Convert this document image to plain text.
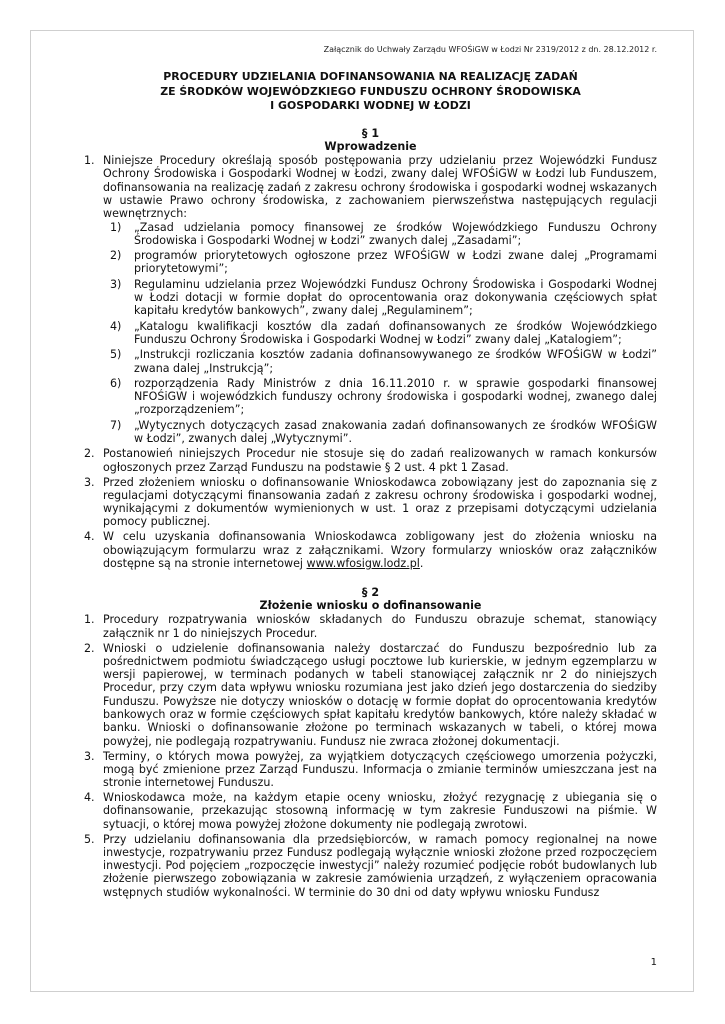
Załącznik do Uchwały Zarządu WFOŚiGW w Łodzi Nr 2319/2012 z dn. 28.12.2012 r.
PROCEDURY UDZIELANIA DOFINANSOWANIA NA REALIZACJĘ ZADAŃ
ZE ŚRODKÓW WOJEWÓDZKIEGO FUNDUSZU OCHRONY ŚRODOWISKA
I GOSPODARKI WODNEJ W ŁODZI
§ 1
Wprowadzenie
1. Niniejsze Procedury określają sposób postępowania przy udzielaniu przez Wojewódzki Fundusz Ochrony Środowiska i Gospodarki Wodnej w Łodzi, zwany dalej WFOŚiGW w Łodzi lub Funduszem, dofinansowania na realizację zadań z zakresu ochrony środowiska i gospodarki wodnej wskazanych w ustawie Prawo ochrony środowiska, z zachowaniem pierwszeństwa następujących regulacji wewnętrznych:
1) „Zasad udzielania pomocy finansowej ze środków Wojewódzkiego Funduszu Ochrony Środowiska i Gospodarki Wodnej w Łodzi” zwanych dalej „Zasadami”;
2) programów priorytetowych ogłoszone przez WFOŚiGW w Łodzi zwane dalej „Programami priorytetowymi”;
3) Regulaminu udzielania przez Wojewódzki Fundusz Ochrony Środowiska i Gospodarki Wodnej w Łodzi dotacji w formie dopłat do oprocentowania oraz dokonywania częściowych spłat kapitału kredytów bankowych”, zwany dalej „Regulaminem”;
4) „Katalogu kwalifikacji kosztów dla zadań dofinansowanych ze środków Wojewódzkiego Funduszu Ochrony Środowiska i Gospodarki Wodnej w Łodzi” zwany dalej „Katalogiem”;
5) „Instrukcji rozliczania kosztów zadania dofinansowywanego ze środków WFOŚiGW w Łodzi” zwana dalej „Instrukcją”;
6) rozporządzenia Rady Ministrów z dnia 16.11.2010 r. w sprawie gospodarki finansowej NFOŚiGW i wojewódzkich funduszy ochrony środowiska i gospodarki wodnej, zwanego dalej „rozporządzeniem”;
7) „Wytycznych dotyczących zasad znakowania zadań dofinansowanych ze środków WFOŚiGW w Łodzi”, zwanych dalej „Wytycznymi”.
2. Postanowień niniejszych Procedur nie stosuje się do zadań realizowanych w ramach konkursów ogłoszonych przez Zarząd Funduszu na podstawie § 2 ust. 4 pkt 1 Zasad.
3. Przed złożeniem wniosku o dofinansowanie Wnioskodawca zobowiązany jest do zapoznania się z regulacjami dotyczącymi finansowania zadań z zakresu ochrony środowiska i gospodarki wodnej, wynikającymi z dokumentów wymienionych w ust. 1 oraz z przepisami dotyczącymi udzielania pomocy publicznej.
4. W celu uzyskania dofinansowania Wnioskodawca zobligowany jest do złożenia wniosku na obowiązującym formularzu wraz z załącznikami. Wzory formularzy wniosków oraz załączników dostępne są na stronie internetowej www.wfosigw.lodz.pl.
§ 2
Złożenie wniosku o dofinansowanie
1. Procedury rozpatrywania wniosków składanych do Funduszu obrazuje schemat, stanowiący załącznik nr 1 do niniejszych Procedur.
2. Wnioski o udzielenie dofinansowania należy dostarczać do Funduszu bezpośrednio lub za pośrednictwem podmiotu świadczącego usługi pocztowe lub kurierskie, w jednym egzemplarzu w wersji papierowej, w terminach podanych w tabeli stanowiącej załącznik nr 2 do niniejszych Procedur, przy czym data wpływu wniosku rozumiana jest jako dzień jego dostarczenia do siedziby Funduszu. Powyższe nie dotyczy wniosków o dotację w formie dopłat do oprocentowania kredytów bankowych oraz w formie częściowych spłat kapitału kredytów bankowych, które należy składać w banku. Wnioski o dofinansowanie złożone po terminach wskazanych w tabeli, o której mowa powyżej, nie podlegają rozpatrywaniu. Fundusz nie zwraca złożonej dokumentacji.
3. Terminy, o których mowa powyżej, za wyjątkiem dotyczących częściowego umorzenia pożyczki, mogą być zmienione przez Zarząd Funduszu. Informacja o zmianie terminów umieszczana jest na stronie internetowej Funduszu.
4. Wnioskodawca może, na każdym etapie oceny wniosku, złożyć rezygnację z ubiegania się o dofinansowanie, przekazując stosowną informację w tym zakresie Funduszowi na piśmie. W sytuacji, o której mowa powyżej złożone dokumenty nie podlegają zwrotowi.
5. Przy udzielaniu dofinansowania dla przedsiębiorców, w ramach pomocy regionalnej na nowe inwestycje, rozpatrywaniu przez Fundusz podlegają wyłącznie wnioski złożone przed rozpoczęciem inwestycji. Pod pojęciem „rozpoczęcie inwestycji” należy rozumieć podjęcie robót budowlanych lub złożenie pierwszego zobowiązania w zakresie zamówienia urządzeń, z wyłączeniem opracowania wstępnych studiów wykonalności. W terminie do 30 dni od daty wpływu wniosku Fundusz
1
